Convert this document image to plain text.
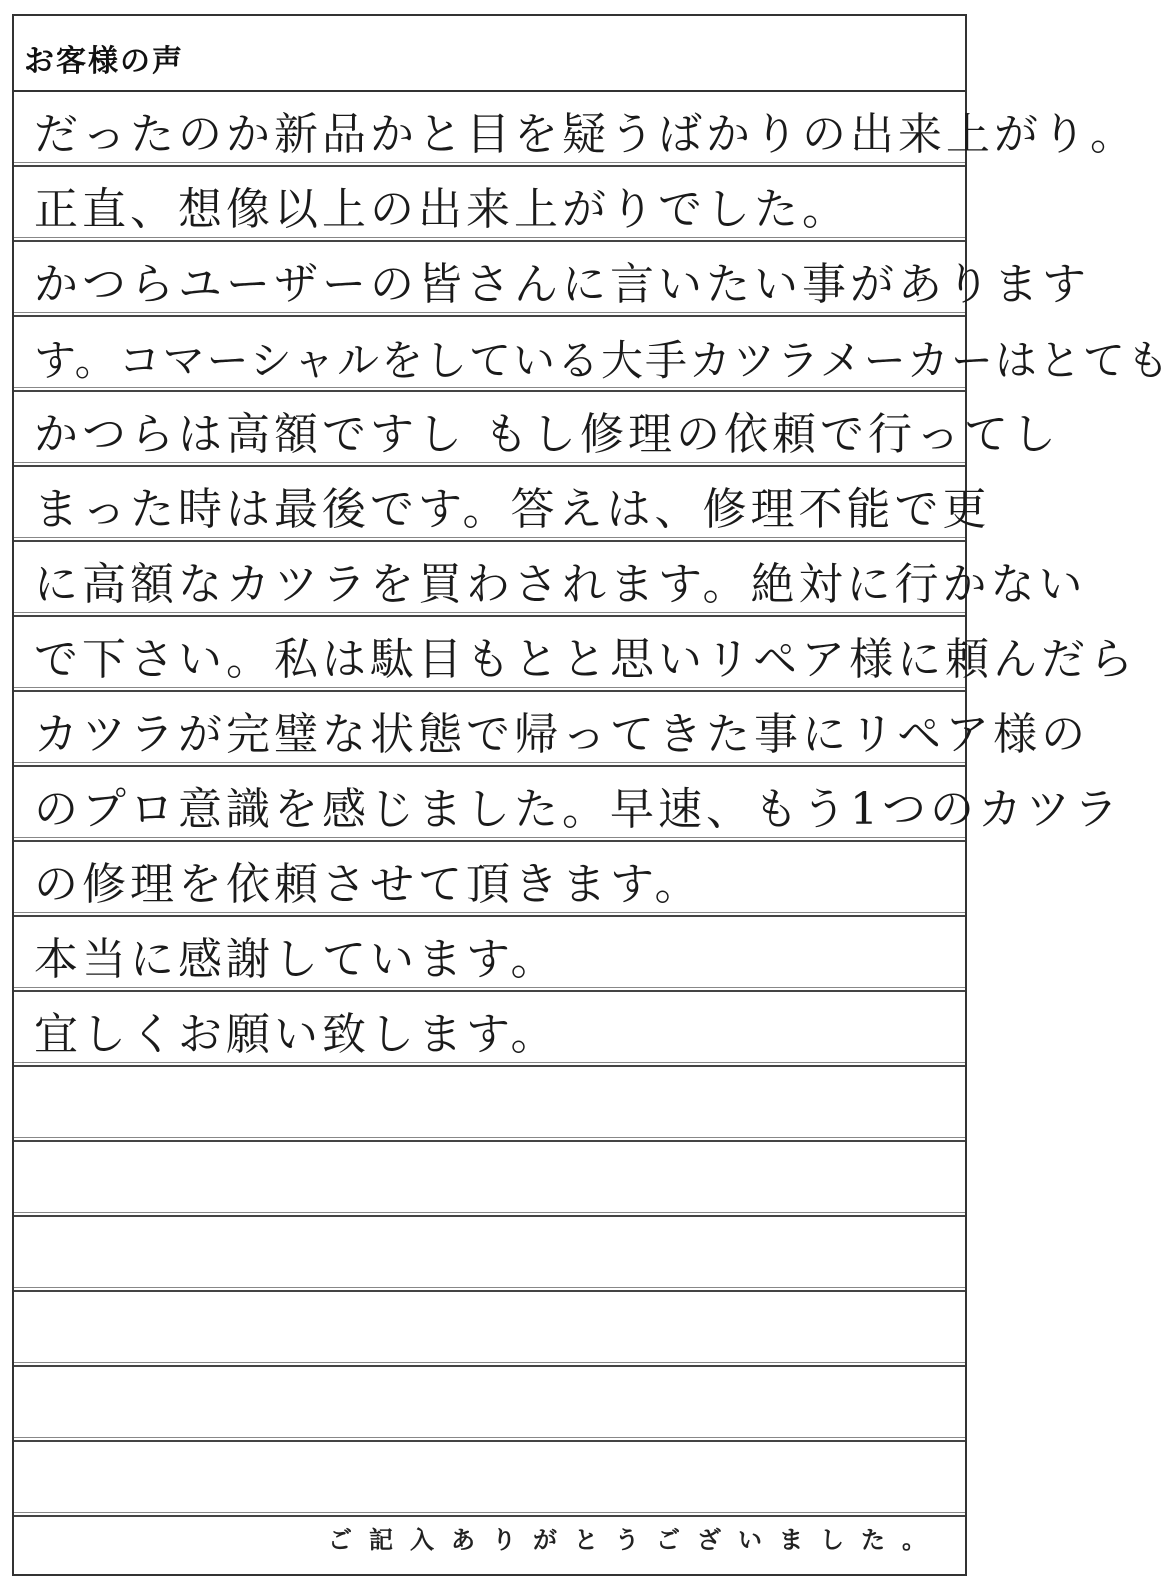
お客様の声
だったのか新品かと目を疑うばかりの出来上がり。
正直、想像以上の出来上がりでした。
かつらユーザーの皆さんに言いたい事があります
す。コマーシャルをしている大手カツラメーカーはとても
かつらは高額ですし もし修理の依頼で行ってし
まった時は最後です。答えは、修理不能で更
に高額なカツラを買わされます。絶対に行かない
で下さい。私は駄目もとと思いリペア様に頼んだら
カツラが完璧な状態で帰ってきた事にリペア様の
のプロ意識を感じました。早速、もう1つのカツラ
の修理を依頼させて頂きます。
本当に感謝しています。
宜しくお願い致します。
ご記入ありがとうございました。
